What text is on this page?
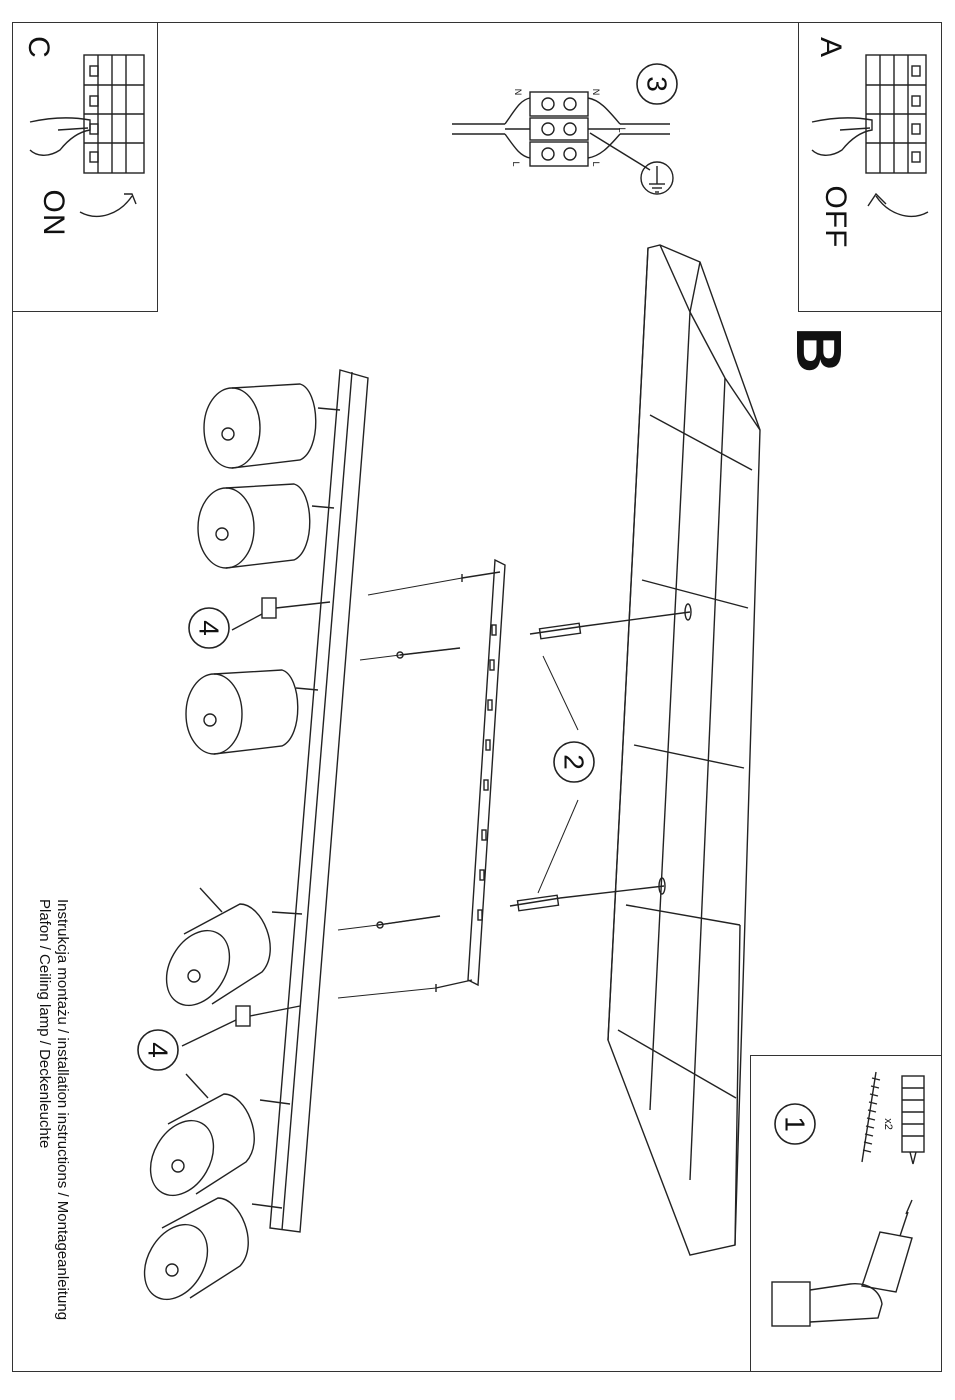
3
2
4
4
1
N	N
L	L
L
x2
A
OFF
C
ON
B
Instrukcja montażu / installation instructions / Montageanleitung
Plafon / Ceiling lamp / Deckenleuchte
